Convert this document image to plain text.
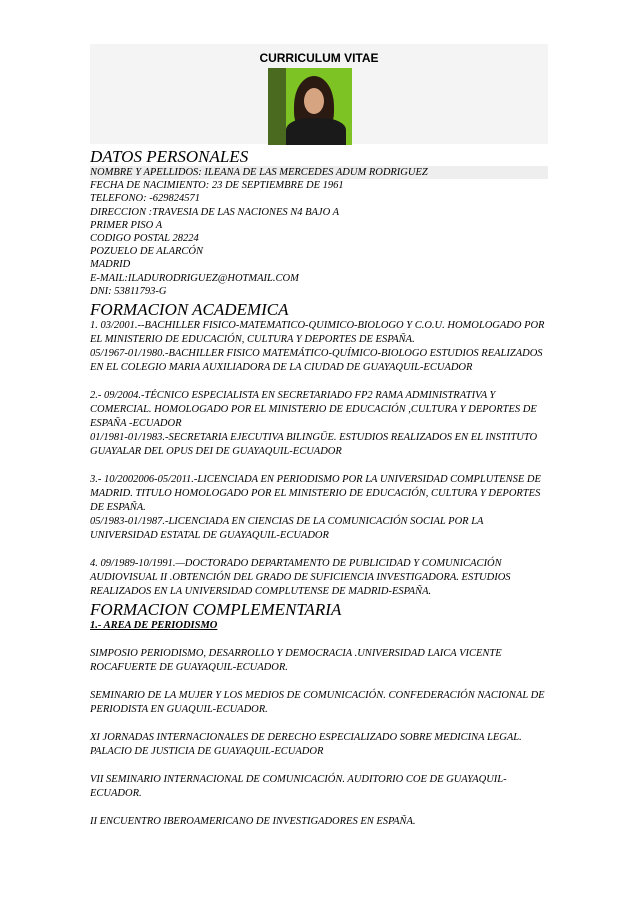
CURRICULUM VITAE
DATOS PERSONALES

NOMBRE Y APELLIDOS: ILEANA DE LAS MERCEDES ADUM RODRIGUEZ

FECHA DE NACIMIENTO: 23 DE SEPTIEMBRE DE 1961

TELEFONO: -629824571

DIRECCION :TRAVESIA DE LAS NACIONES N4 BAJO A

PRIMER PISO A

CODIGO POSTAL 28224

POZUELO DE ALARCÓN

MADRID

E-MAIL:ILADURODRIGUEZ@HOTMAIL.COM

DNI: 53811793-G

FORMACION ACADEMICA

1. 03/2001.--BACHILLER FISICO-MATEMATICO-QUIMICO-BIOLOGO Y C.O.U. HOMOLOGADO POR EL MINISTERIO DE EDUCACIÓN, CULTURA Y DEPORTES DE ESPAÑA.

05/1967-01/1980.-BACHILLER FISICO MATEMÁTICO-QUÍMICO-BIOLOGO ESTUDIOS REALIZADOS EN EL COLEGIO MARIA AUXILIADORA DE LA CIUDAD DE GUAYAQUIL-ECUADOR

2.- 09/2004.-TÉCNICO ESPECIALISTA EN SECRETARIADO FP2 RAMA ADMINISTRATIVA Y COMERCIAL. HOMOLOGADO POR EL MINISTERIO DE EDUCACIÓN ,CULTURA Y DEPORTES DE ESPAÑA -ECUADOR

01/1981-01/1983.-SECRETARIA EJECUTIVA BILINGÜE. ESTUDIOS REALIZADOS EN EL INSTITUTO GUAYALAR DEL OPUS DEI DE GUAYAQUIL-ECUADOR

3.- 10/2002006-05/2011.-LICENCIADA EN PERIODISMO POR LA UNIVERSIDAD COMPLUTENSE DE MADRID. TITULO HOMOLOGADO POR EL MINISTERIO DE EDUCACIÓN, CULTURA Y DEPORTES DE ESPAÑA.

05/1983-01/1987.-LICENCIADA EN CIENCIAS DE LA COMUNICACIÓN SOCIAL POR LA UNIVERSIDAD ESTATAL DE GUAYAQUIL-ECUADOR

4. 09/1989-10/1991.—DOCTORADO DEPARTAMENTO DE PUBLICIDAD Y COMUNICACIÓN AUDIOVISUAL II .OBTENCIÓN DEL GRADO DE SUFICIENCIA INVESTIGADORA. ESTUDIOS REALIZADOS EN LA UNIVERSIDAD COMPLUTENSE DE MADRID-ESPAÑA.

FORMACION COMPLEMENTARIA

1.- AREA DE PERIODISMO

SIMPOSIO PERIODISMO, DESARROLLO Y DEMOCRACIA .UNIVERSIDAD LAICA VICENTE ROCAFUERTE DE GUAYAQUIL-ECUADOR.

SEMINARIO DE LA MUJER Y LOS MEDIOS DE COMUNICACIÓN. CONFEDERACIÓN NACIONAL DE PERIODISTA EN GUAQUIL-ECUADOR.

XI JORNADAS INTERNACIONALES DE DERECHO ESPECIALIZADO SOBRE MEDICINA LEGAL. PALACIO DE JUSTICIA DE GUAYAQUIL-ECUADOR

VII SEMINARIO INTERNACIONAL DE COMUNICACIÓN. AUDITORIO COE DE GUAYAQUIL-ECUADOR.

II ENCUENTRO IBEROAMERICANO DE INVESTIGADORES EN ESPAÑA.
